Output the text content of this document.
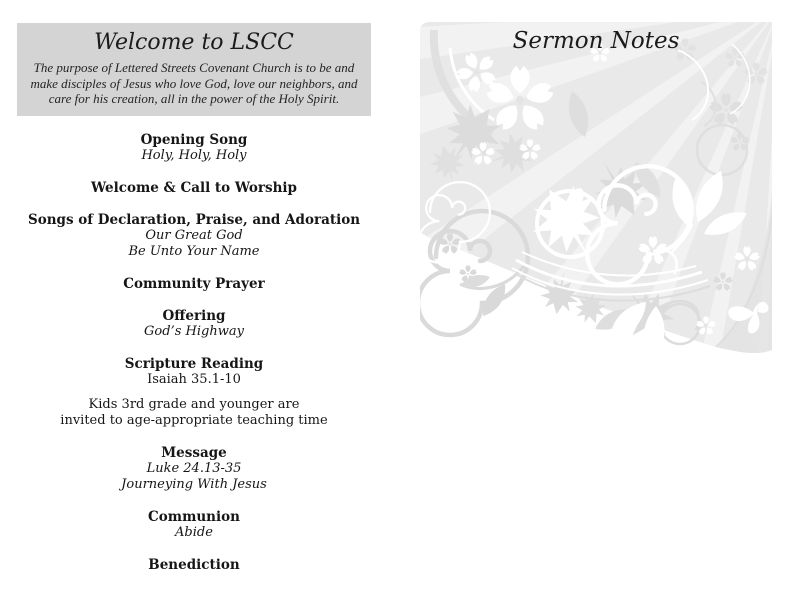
Welcome to LSCC
The purpose of Lettered Streets Covenant Church is to be and
make disciples of Jesus who love God, love our neighbors, and
care for his creation, all in the power of the Holy Spirit.
Opening Song
Holy, Holy, Holy
Welcome & Call to Worship
Songs of Declaration, Praise, and Adoration
Our Great God
Be Unto Your Name
Community Prayer
Offering
God’s Highway
Scripture Reading
Isaiah 35.1-10
Kids 3rd grade and younger are
invited to age-appropriate teaching time
Message
Luke 24.13-35
Journeying With Jesus
Communion
Abide
Benediction
Sermon Notes
